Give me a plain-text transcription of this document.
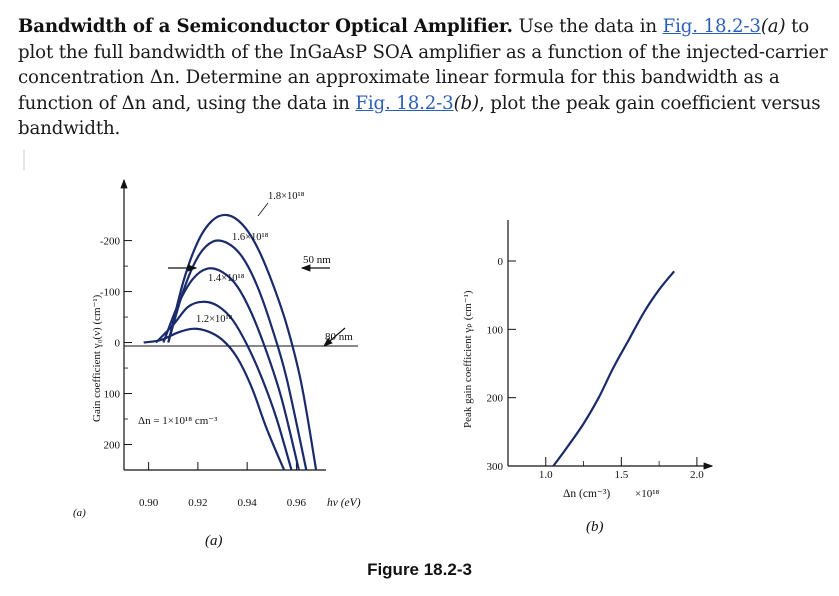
Bandwidth of a Semiconductor Optical Amplifier. Use the data in Fig. 18.2-3(a) to plot the full bandwidth of the InGaAsP SOA amplifier as a function of the injected-carrier concentration Δn. Determine an approximate linear formula for this bandwidth as a function of Δn and, using the data in Fig. 18.2-3(b), plot the peak gain coefficient versus bandwidth.
200
100
0
-100
-200
0.90	0.92	0.94	0.96
50 nm
80 nm
1.8×10¹⁸
1.6×10¹⁸
1.4×10¹⁸
1.2×10¹⁸
Δn = 1×10¹⁸ cm⁻³
hν (eV)
Gain coefficient γ₀(ν) (cm⁻¹)
(a)
(a)
300
200
100
0
1.0	1.5	2.0
Δn (cm⁻³) ×10¹⁸
Peak gain coefficient γₚ (cm⁻¹)
(b)
Figure 18.2-3
